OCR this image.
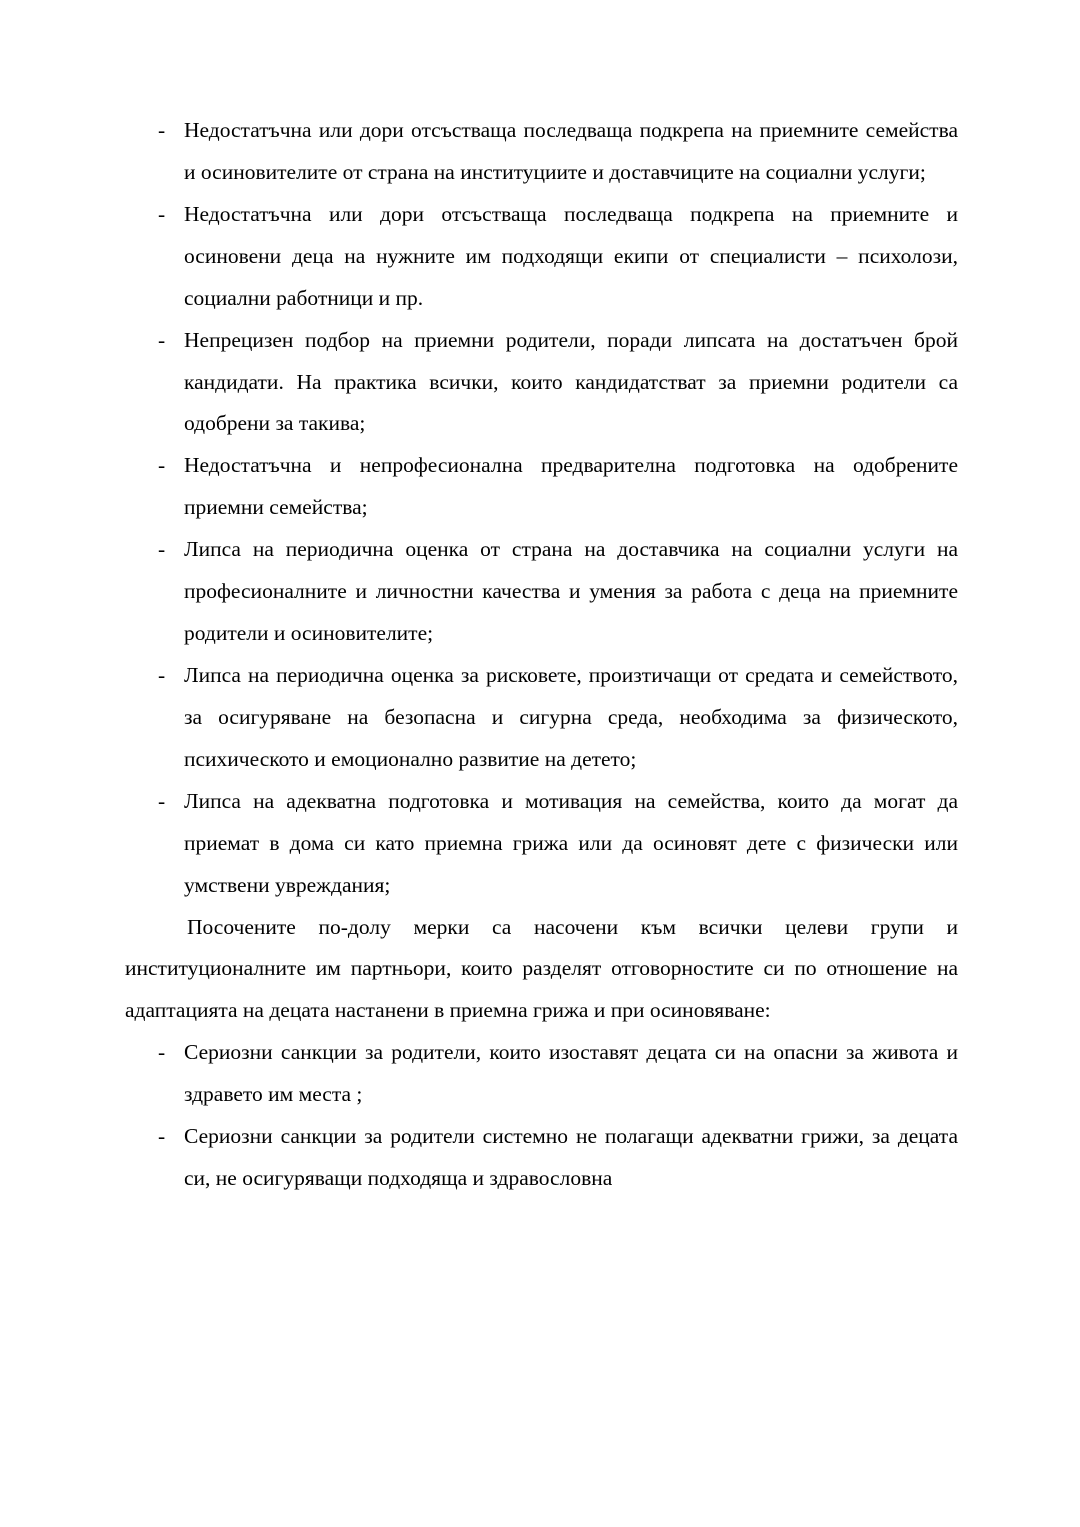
- Недостатъчна или дори отсъстваща последваща подкрепа на приемните семейства и осиновителите от страна на институциите и доставчиците на социални услуги;
- Недостатъчна или дори отсъстваща последваща подкрепа на приемните и осиновени деца на нужните им подходящи екипи от специалисти – психолози, социални работници и пр.
- Непрецизен подбор на приемни родители, поради липсата на достатъчен брой кандидати. На практика всички, които кандидатстват за приемни родители са одобрени за такива;
- Недостатъчна и непрофесионална предварителна подготовка на одобрените приемни семейства;
- Липса на периодична оценка от страна на доставчика на социални услуги на професионалните и личностни качества и умения за работа с деца на приемните родители и осиновителите;
- Липса на периодична оценка за рисковете, произтичащи от средата и семейството, за осигуряване на безопасна и сигурна среда, необходима за физическото, психическото и емоционално развитие на детето;
- Липса на адекватна подготовка и мотивация на семейства, които да могат да приемат в дома си като приемна грижа или да осиновят дете с физически или умствени увреждания;

Посочените по-долу мерки са насочени към всички целеви групи и институционалните им партньори, които разделят отговорностите си по отношение на адаптацията на децата настанени в приемна грижа и при осиновяване:

- Сериозни санкции за родители, които изоставят децата си на опасни за живота и здравето им места ;
- Сериозни санкции за родители системно не полагащи адекватни грижи, за децата си, не осигуряващи подходяща и здравословна
